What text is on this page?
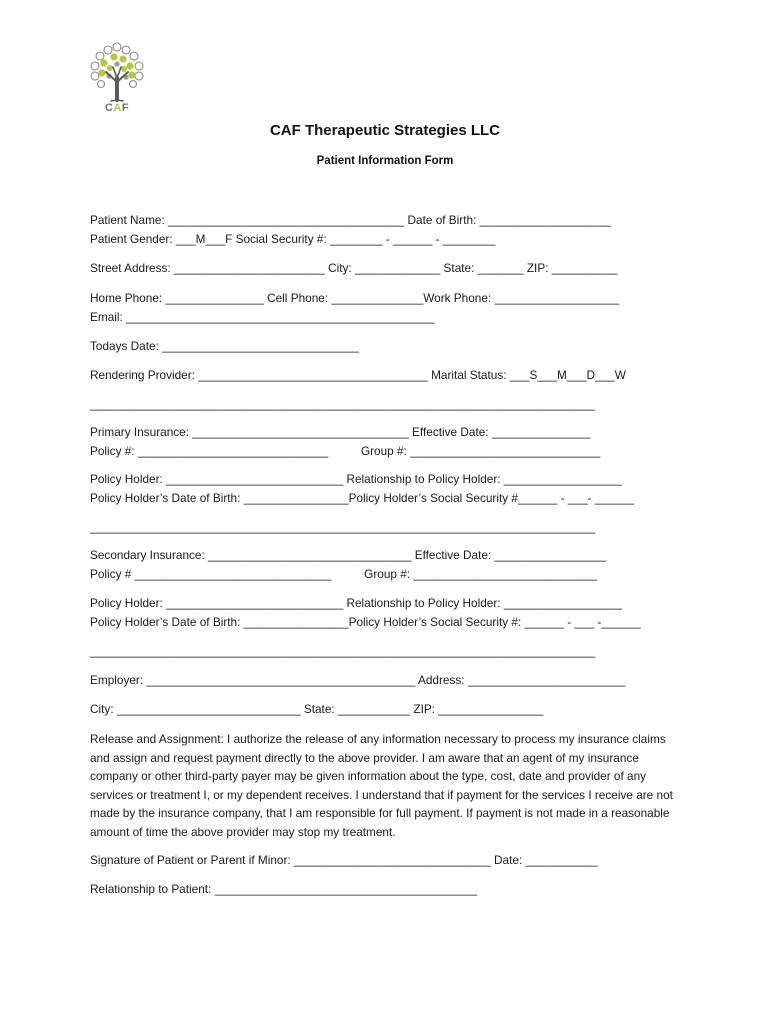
CAF
CAF Therapeutic Strategies LLC
Patient Information Form
Patient Name: ____________________________________ Date of Birth: ____________________
Patient Gender: ___M___F Social Security #: ________ - ______ - ________
Street Address: _______________________ City: _____________ State: _______ ZIP: __________
Home Phone: _______________ Cell Phone: ______________Work Phone: ___________________
Email: _______________________________________________
Todays Date: ______________________________
Rendering Provider: ___________________________________ Marital Status: ___S___M___D___W
_____________________________________________________________________________
Primary Insurance: _________________________________ Effective Date: _______________
Policy #: _____________________________          Group #: _____________________________
Policy Holder: ___________________________ Relationship to Policy Holder: __________________
Policy Holder’s Date of Birth: ________________Policy Holder’s Social Security #______ - ___- ______
_____________________________________________________________________________
Secondary Insurance: _______________________________ Effective Date: _________________
Policy # ______________________________          Group #: ____________________________
Policy Holder: ___________________________ Relationship to Policy Holder: __________________
Policy Holder’s Date of Birth: ________________Policy Holder’s Social Security #: ______ - ___ -______
_____________________________________________________________________________
Employer: _________________________________________ Address: ________________________
City: ____________________________ State: ___________ ZIP: ________________
Release and Assignment: I authorize the release of any information necessary to process my insurance claims and assign and request payment directly to the above provider. I am aware that an agent of my insurance company or other third-party payer may be given information about the type, cost, date and provider of any services or treatment I, or my dependent receives. I understand that if payment for the services I receive are not made by the insurance company, that I am responsible for full payment. If payment is not made in a reasonable amount of time the above provider may stop my treatment.
Signature of Patient or Parent if Minor: ______________________________ Date: ___________
Relationship to Patient: ________________________________________
